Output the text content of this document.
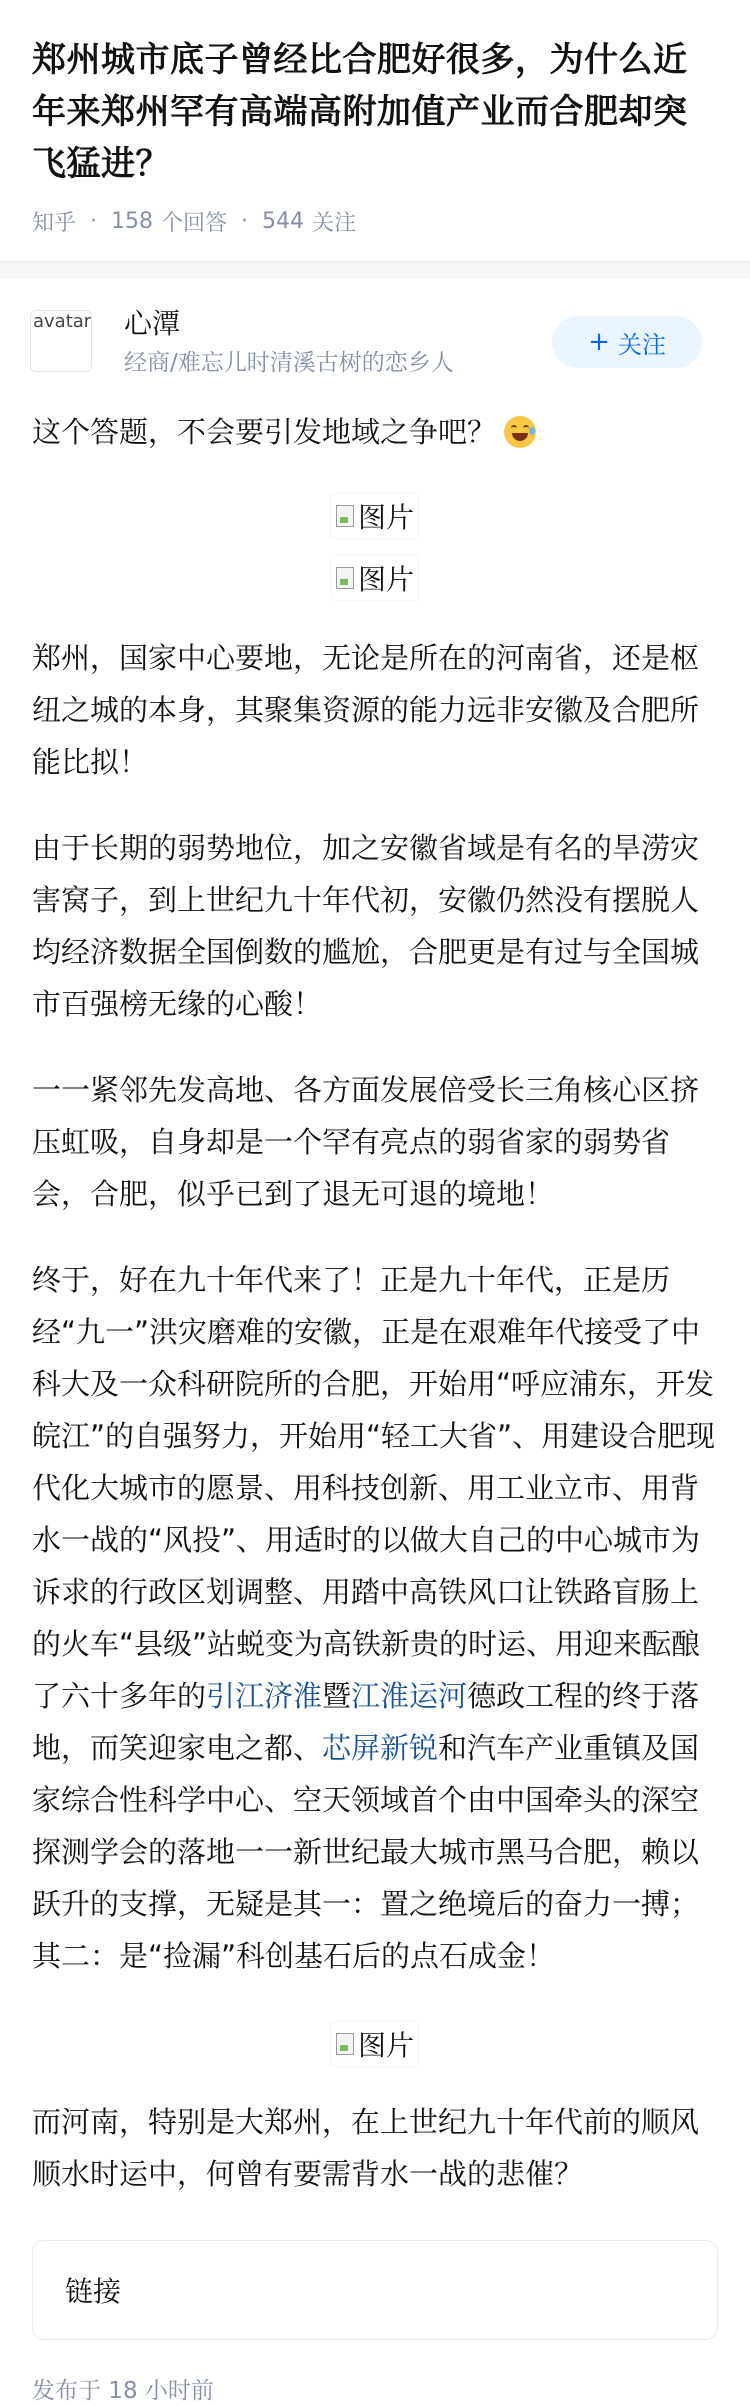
郑州城市底子曾经比合肥好很多，为什么近年来郑州罕有高端高附加值产业而合肥却突飞猛进？
知乎 · 158 个回答 · 544 关注
avatar 心潭
经商/难忘儿时清溪古树的恋乡人
+ 关注

这个答题，不会要引发地域之争吧？

图片
图片

郑州，国家中心要地，无论是所在的河南省，还是枢纽之城的本身，其聚集资源的能力远非安徽及合肥所能比拟！

由于长期的弱势地位，加之安徽省域是有名的旱涝灾害窝子，到上世纪九十年代初，安徽仍然没有摆脱人均经济数据全国倒数的尴尬，合肥更是有过与全国城市百强榜无缘的心酸！

一一紧邻先发高地、各方面发展倍受长三角核心区挤压虹吸，自身却是一个罕有亮点的弱省家的弱势省会，合肥，似乎已到了退无可退的境地！

终于，好在九十年代来了！正是九十年代，正是历经“九一”洪灾磨难的安徽，正是在艰难年代接受了中科大及一众科研院所的合肥，开始用“呼应浦东，开发皖江”的自强努力，开始用“轻工大省”、用建设合肥现代化大城市的愿景、用科技创新、用工业立市、用背水一战的“风投”、用适时的以做大自己的中心城市为诉求的行政区划调整、用踏中高铁风口让铁路盲肠上的火车“县级”站蜕变为高铁新贵的时运、用迎来酝酿了六十多年的引江济淮暨江淮运河德政工程的终于落地，而笑迎家电之都、芯屏新锐和汽车产业重镇及国家综合性科学中心、空天领域首个由中国牵头的深空探测学会的落地一一新世纪最大城市黑马合肥，赖以跃升的支撑，无疑是其一：置之绝境后的奋力一搏；其二：是“捡漏”科创基石后的点石成金！

图片

而河南，特别是大郑州，在上世纪九十年代前的顺风顺水时运中，何曾有要需背水一战的悲催？

链接
发布于 18 小时前
